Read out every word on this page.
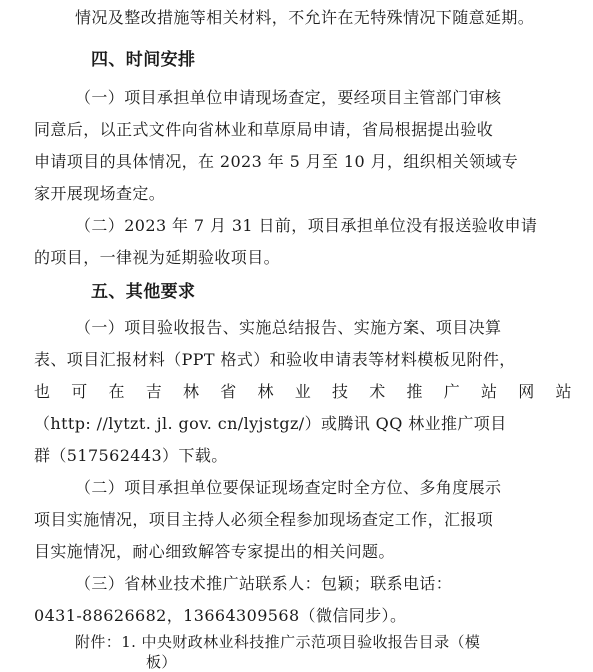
情况及整改措施等相关材料，不允许在无特殊情况下随意延期。
四、时间安排
（一）项目承担单位申请现场查定，要经项目主管部门审核
同意后，以正式文件向省林业和草原局申请，省局根据提出验收
申请项目的具体情况，在 2023 年 5 月至 10 月，组织相关领域专
家开展现场查定。
（二）2023 年 7 月 31 日前，项目承担单位没有报送验收申请
的项目，一律视为延期验收项目。
五、其他要求
（一）项目验收报告、实施总结报告、实施方案、项目决算
表、项目汇报材料（PPT 格式）和验收申请表等材料模板见附件，
也 可 在 吉 林 省 林 业 技 术 推 广 站 网 站
（http: //lytzt. jl. gov. cn/lyjstgz/）或腾讯 QQ 林业推广项目
群（517562443）下载。
（二）项目承担单位要保证现场查定时全方位、多角度展示
项目实施情况，项目主持人必须全程参加现场查定工作，汇报项
目实施情况，耐心细致解答专家提出的相关问题。
（三）省林业技术推广站联系人：包颖；联系电话：
0431-88626682，13664309568（微信同步）。
附件：1. 中央财政林业科技推广示范项目验收报告目录（模
板）
